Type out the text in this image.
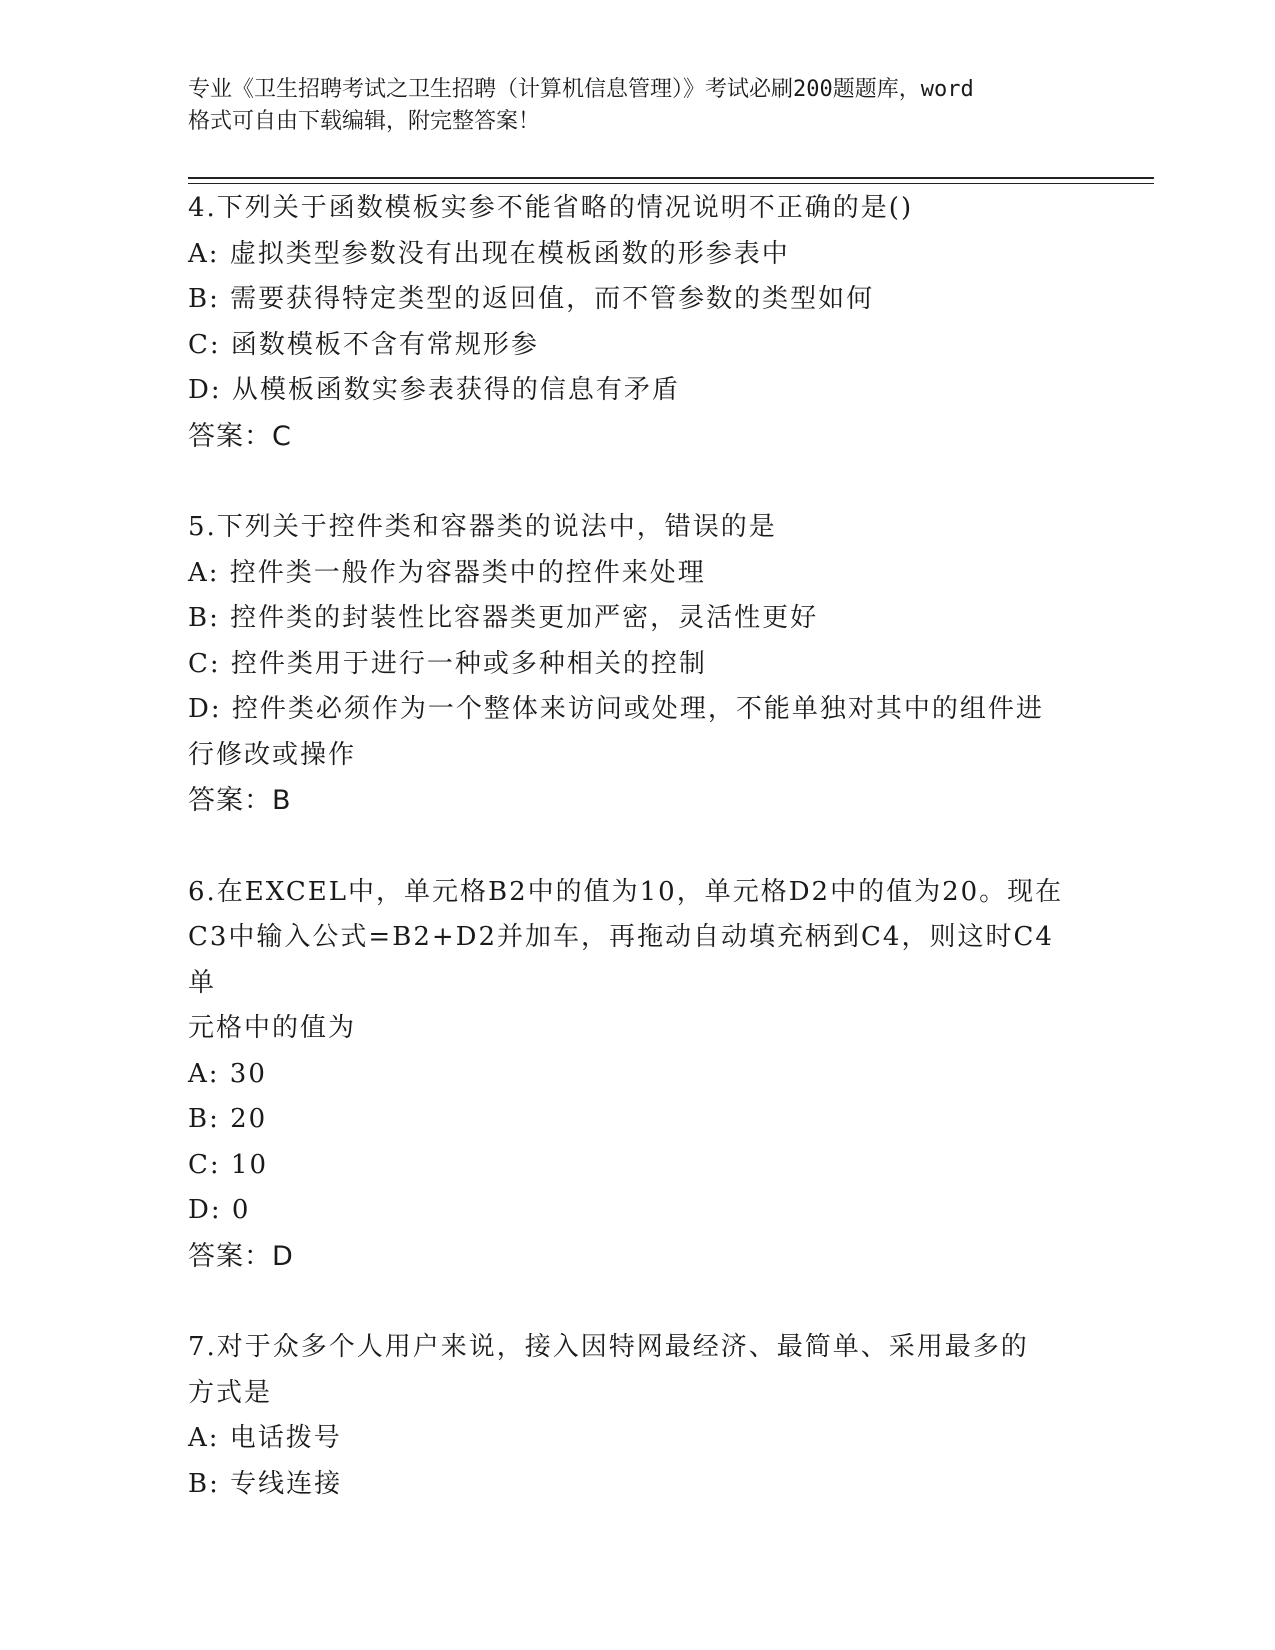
专业《卫生招聘考试之卫生招聘（计算机信息管理）》考试必刷200题题库，word
格式可自由下载编辑，附完整答案！
4.下列关于函数模板实参不能省略的情况说明不正确的是()
A: 虚拟类型参数没有出现在模板函数的形参表中
B: 需要获得特定类型的返回值，而不管参数的类型如何
C: 函数模板不含有常规形参
D: 从模板函数实参表获得的信息有矛盾
答案：C
5.下列关于控件类和容器类的说法中，错误的是
A: 控件类一般作为容器类中的控件来处理
B: 控件类的封装性比容器类更加严密，灵活性更好
C: 控件类用于进行一种或多种相关的控制
D: 控件类必须作为一个整体来访问或处理，不能单独对其中的组件进
行修改或操作
答案：B
6.在EXCEL中，单元格B2中的值为10，单元格D2中的值为20。现在
C3中输入公式=B2+D2并加车，再拖动自动填充柄到C4，则这时C4单
元格中的值为
A: 30
B: 20
C: 10
D: 0
答案：D
7.对于众多个人用户来说，接入因特网最经济、最简单、采用最多的
方式是
A: 电话拨号
B: 专线连接
